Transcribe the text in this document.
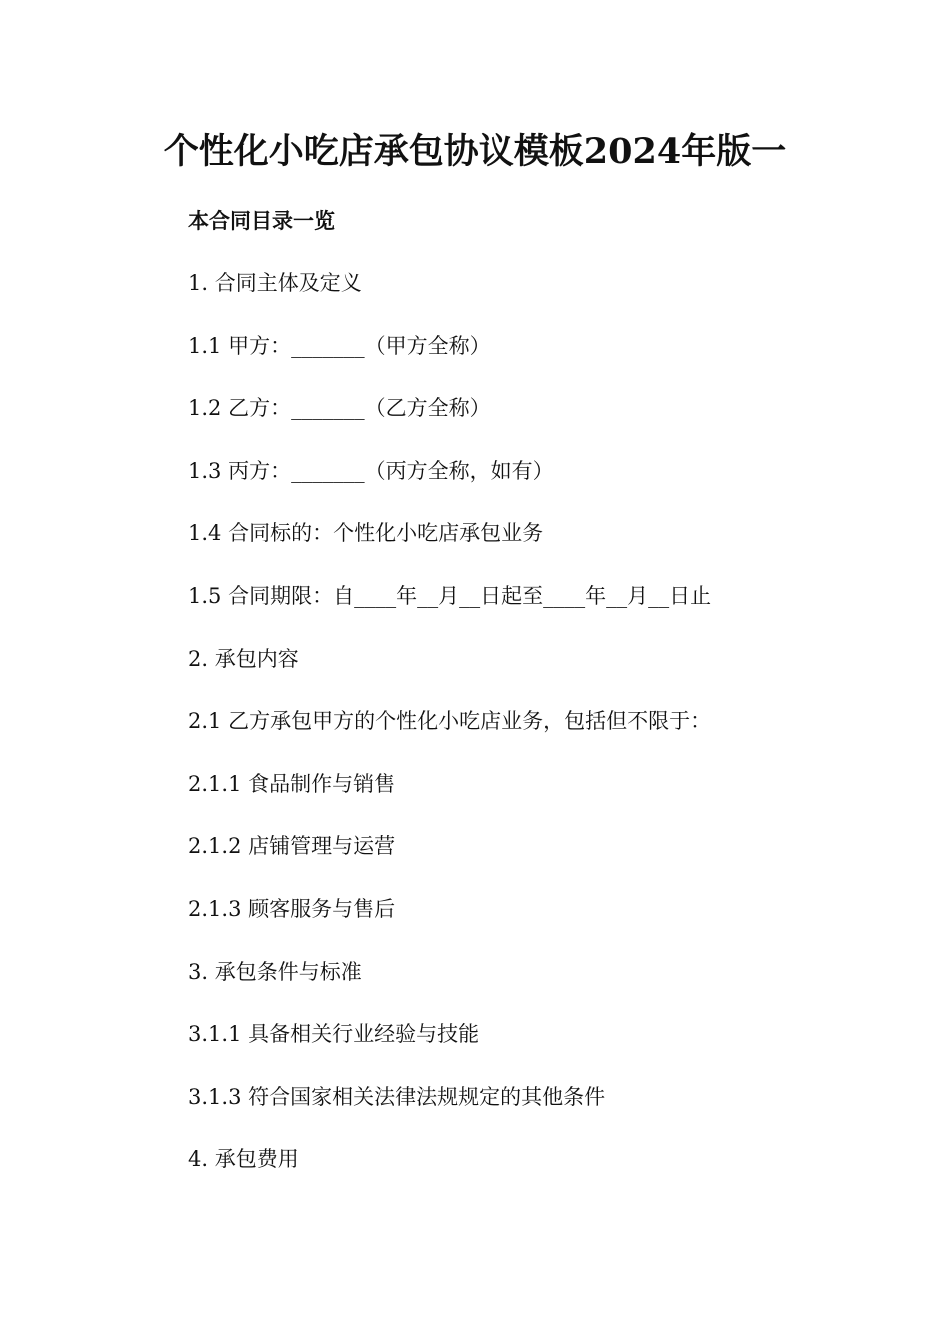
个性化小吃店承包协议模板2024年版一
本合同目录一览
1. 合同主体及定义
1.1 甲方：_______（甲方全称）
1.2 乙方：_______（乙方全称）
1.3 丙方：_______（丙方全称，如有）
1.4 合同标的：个性化小吃店承包业务
1.5 合同期限：自____年__月__日起至____年__月__日止
2. 承包内容
2.1 乙方承包甲方的个性化小吃店业务，包括但不限于：
2.1.1 食品制作与销售
2.1.2 店铺管理与运营
2.1.3 顾客服务与售后
3. 承包条件与标准
3.1.1 具备相关行业经验与技能
3.1.3 符合国家相关法律法规规定的其他条件
4. 承包费用
